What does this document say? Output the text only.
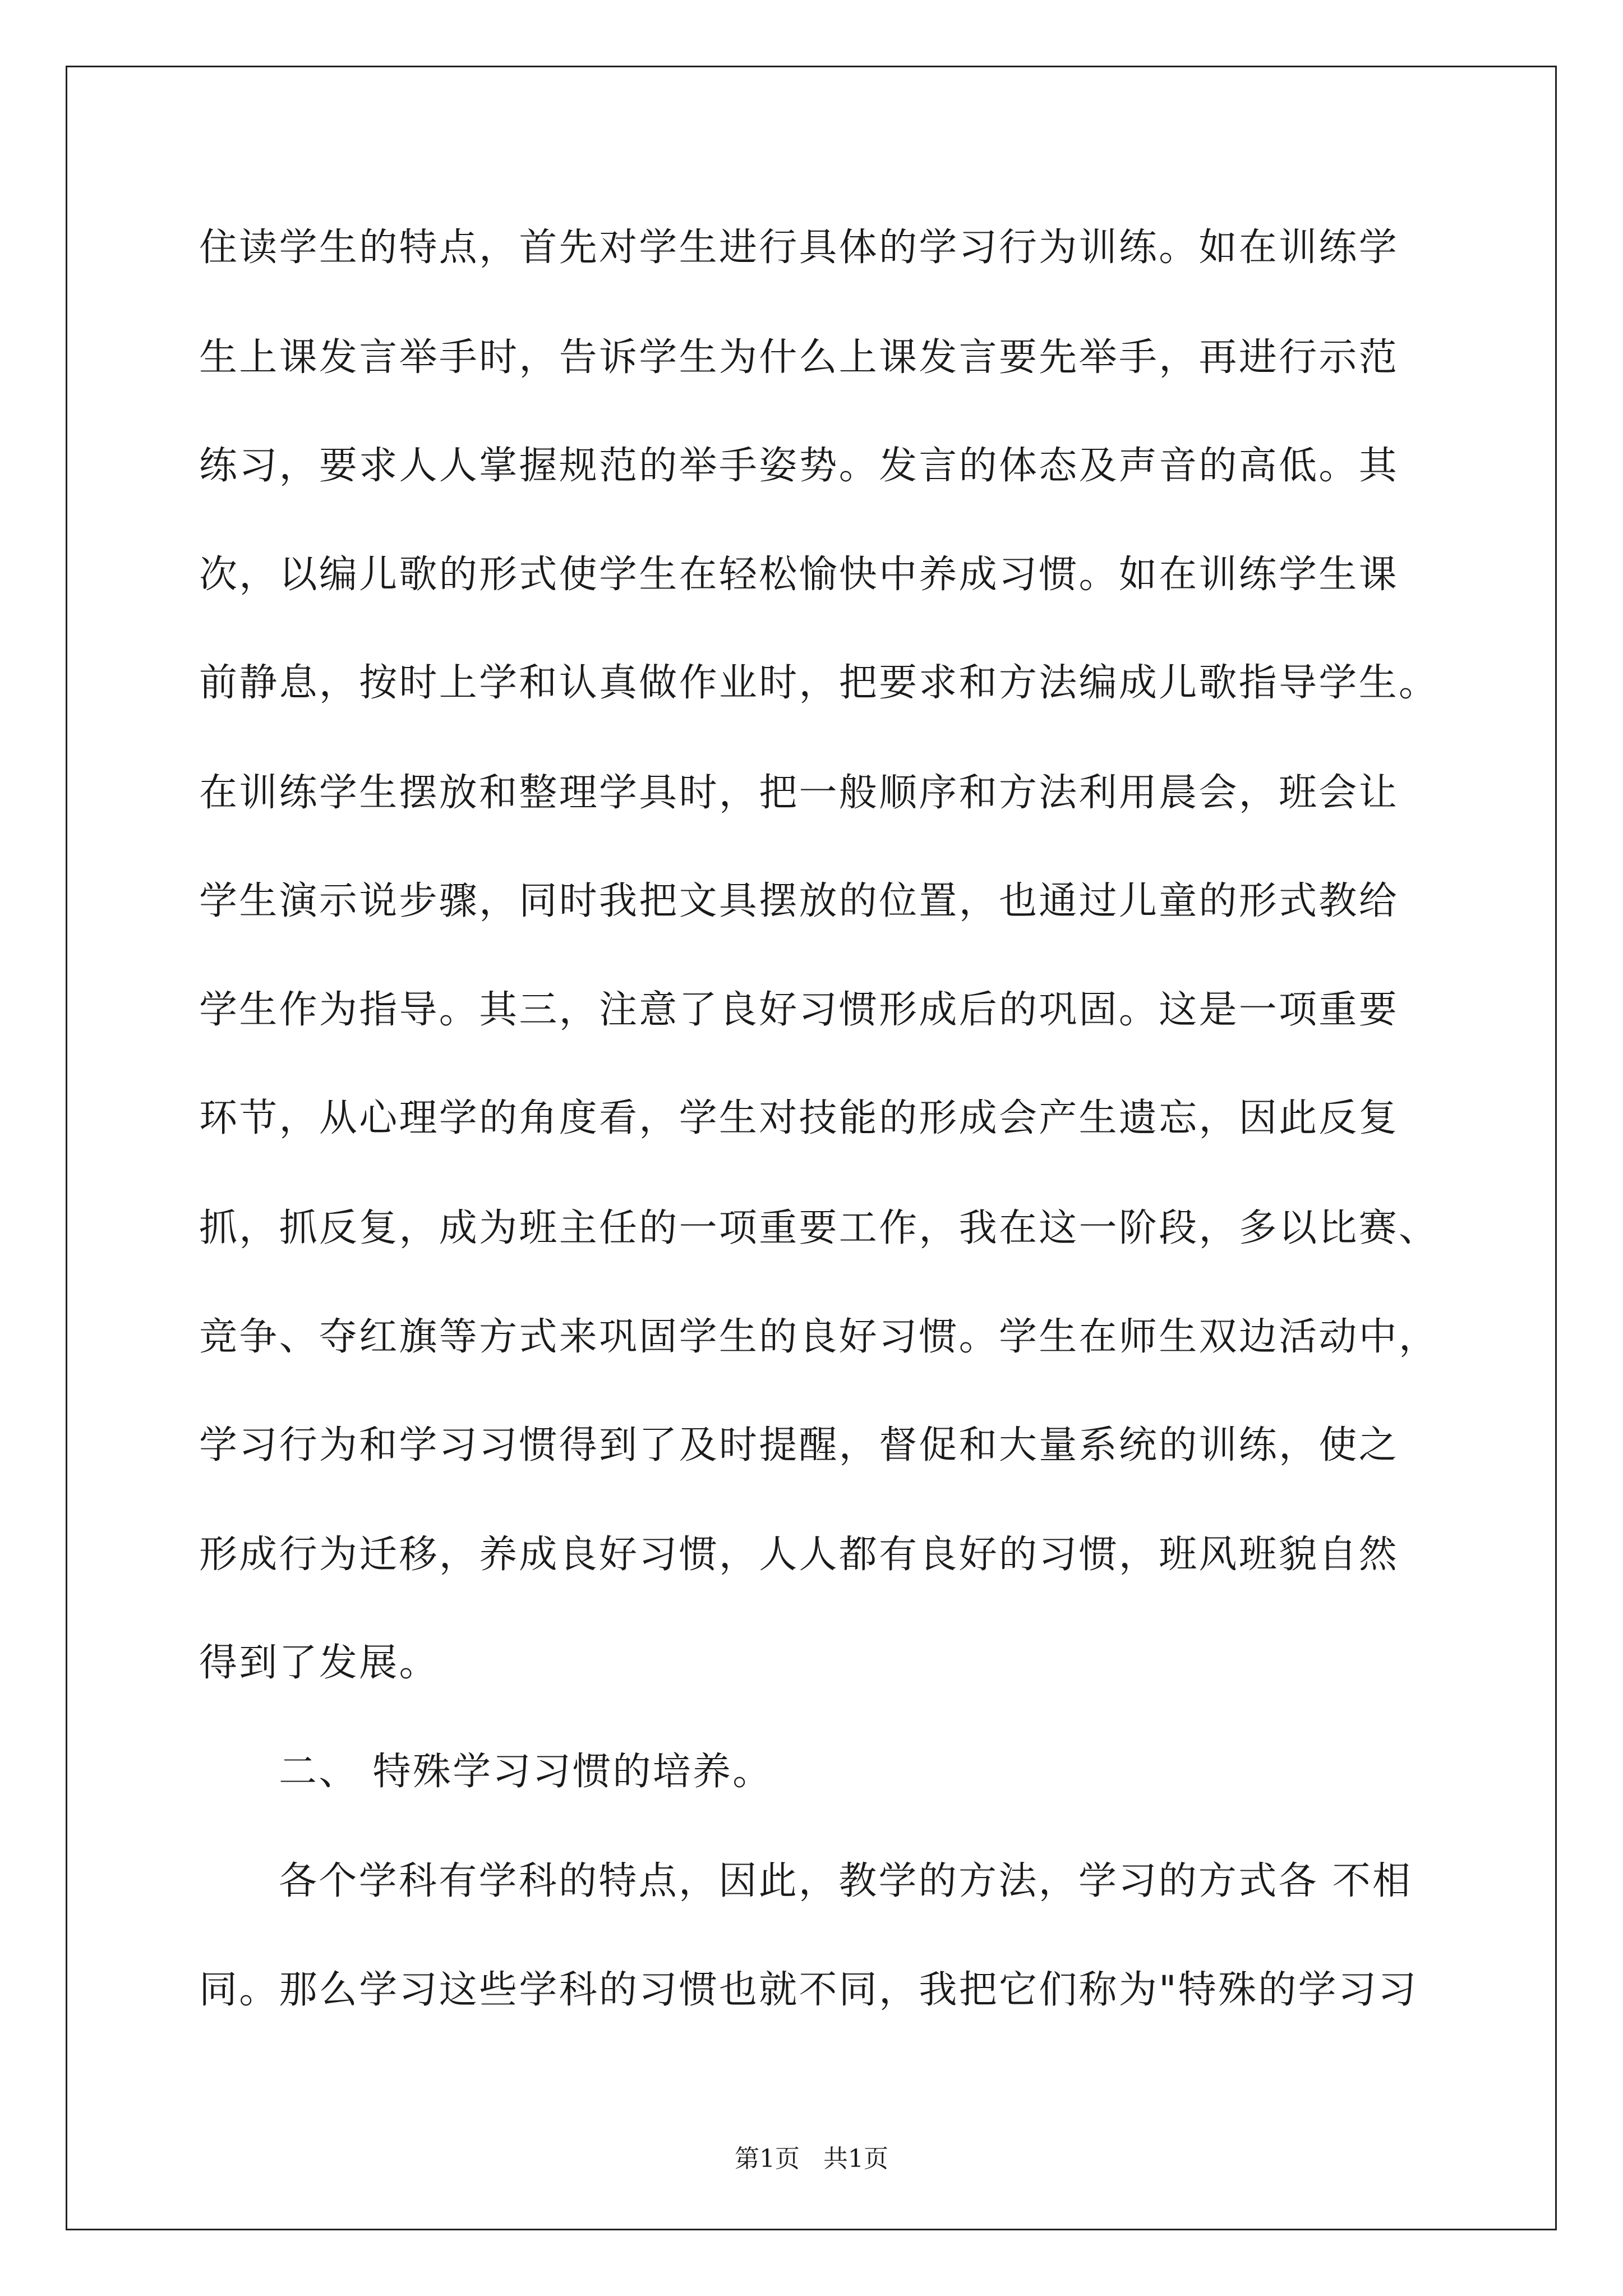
住读学生的特点，首先对学生进行具体的学习行为训练。如在训练学
生上课发言举手时，告诉学生为什么上课发言要先举手，再进行示范
练习，要求人人掌握规范的举手姿势。发言的体态及声音的高低。其
次，以编儿歌的形式使学生在轻松愉快中养成习惯。如在训练学生课
前静息，按时上学和认真做作业时，把要求和方法编成儿歌指导学生。
在训练学生摆放和整理学具时，把一般顺序和方法利用晨会，班会让
学生演示说步骤，同时我把文具摆放的位置，也通过儿童的形式教给
学生作为指导。其三，注意了良好习惯形成后的巩固。这是一项重要
环节，从心理学的角度看，学生对技能的形成会产生遗忘，因此反复
抓，抓反复，成为班主任的一项重要工作，我在这一阶段，多以比赛、
竞争、夺红旗等方式来巩固学生的良好习惯。学生在师生双边活动中，
学习行为和学习习惯得到了及时提醒，督促和大量系统的训练，使之
形成行为迁移，养成良好习惯，人人都有良好的习惯，班风班貌自然
得到了发展。
二、 特殊学习习惯的培养。
各个学科有学科的特点，因此，教学的方法，学习的方式各 不相
同。那么学习这些学科的习惯也就不同，我把它们称为"特殊的学习习
第1页   共1页
